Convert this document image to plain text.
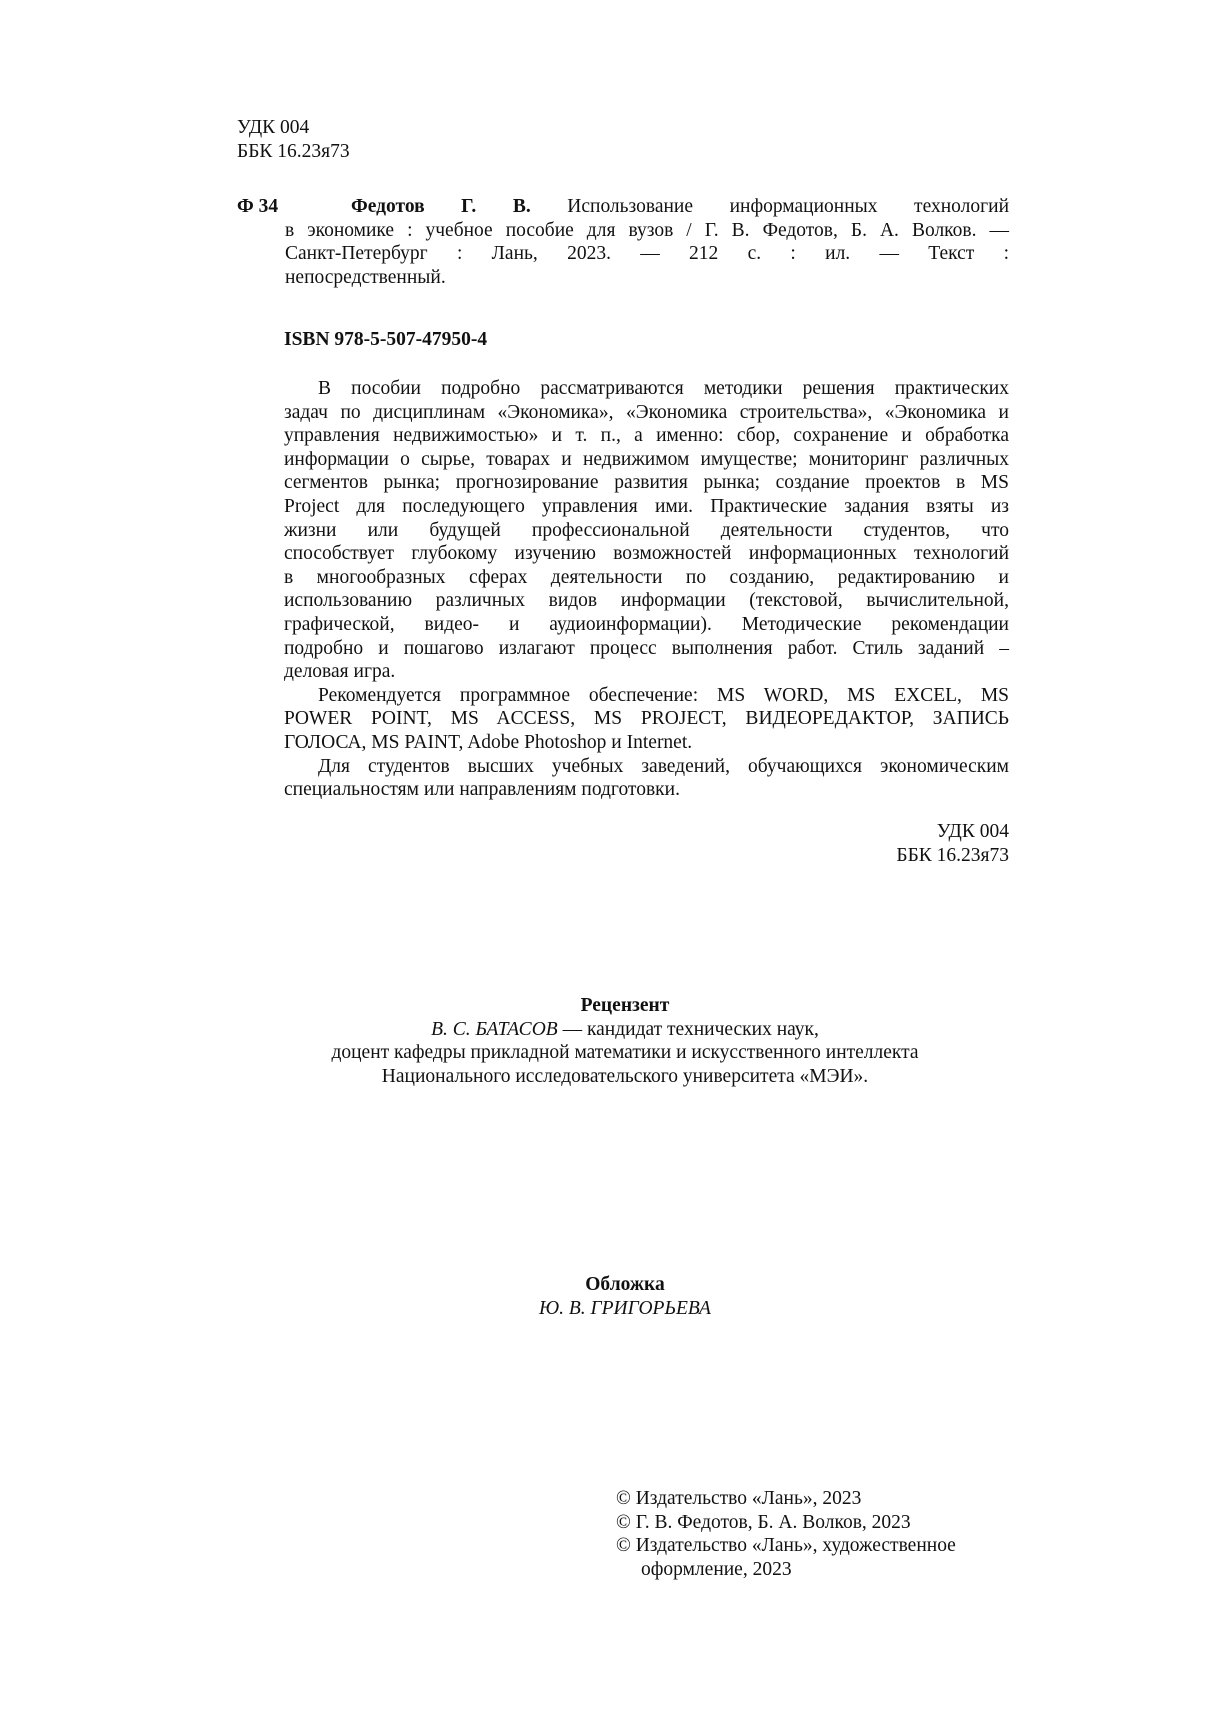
УДК 004
ББК 16.23я73
Ф 34	Федотов Г. В. Использование информационных технологий
в экономике : учебное пособие для вузов / Г. В. Федотов, Б. А. Волков. —
Санкт-Петербург : Лань, 2023. — 212 с. : ил. — Текст :
непосредственный.
ISBN 978-5-507-47950-4
В пособии подробно рассматриваются методики решения практических
задач по дисциплинам «Экономика», «Экономика строительства», «Экономика и
управления недвижимостью» и т. п., а именно: сбор, сохранение и обработка
информации о сырье, товарах и недвижимом имуществе; мониторинг различных
сегментов рынка; прогнозирование развития рынка; создание проектов в MS
Project для последующего управления ими. Практические задания взяты из
жизни или будущей профессиональной деятельности студентов, что
способствует глубокому изучению возможностей информационных технологий
в многообразных сферах деятельности по созданию, редактированию и
использованию различных видов информации (текстовой, вычислительной,
графической, видео- и аудиоинформации). Методические рекомендации
подробно и пошагово излагают процесс выполнения работ. Стиль заданий –
деловая игра.
Рекомендуется программное обеспечение: MS WORD, MS EXCEL, MS
POWER POINT, MS ACCESS, MS PROJECT, ВИДЕОРЕДАКТОР, ЗАПИСЬ
ГОЛОСА, MS PAINT, Adobe Photoshop и Internet.
Для студентов высших учебных заведений, обучающихся экономическим
специальностям или направлениям подготовки.
УДК 004
ББК 16.23я73
Рецензент
В. С. БАТАСОВ — кандидат технических наук,
доцент кафедры прикладной математики и искусственного интеллекта
Национального исследовательского университета «МЭИ».
Обложка
Ю. В. ГРИГОРЬЕВА
© Издательство «Лань», 2023
© Г. В. Федотов, Б. А. Волков, 2023
© Издательство «Лань», художественное
оформление, 2023
